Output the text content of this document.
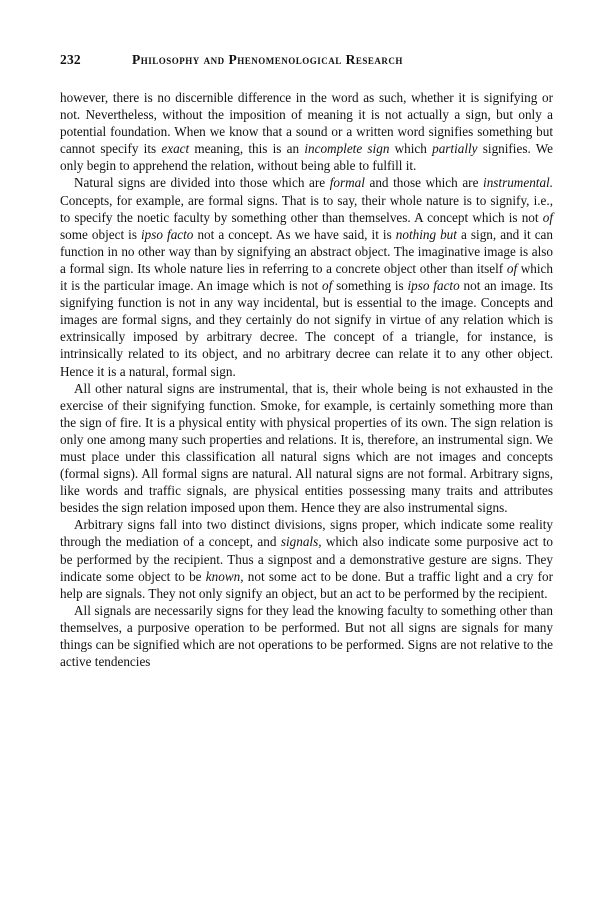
232	Philosophy and Phenomenological Research

however, there is no discernible difference in the word as such, whether it is signifying or not. Nevertheless, without the imposition of meaning it is not actually a sign, but only a potential foundation. When we know that a sound or a written word signifies something but cannot specify its exact meaning, this is an incomplete sign which partially signifies. We only begin to apprehend the relation, without being able to fulfill it.

Natural signs are divided into those which are formal and those which are instrumental. Concepts, for example, are formal signs. That is to say, their whole nature is to signify, i.e., to specify the noetic faculty by something other than themselves. A concept which is not of some object is ipso facto not a concept. As we have said, it is nothing but a sign, and it can function in no other way than by signifying an abstract object. The imaginative image is also a formal sign. Its whole nature lies in referring to a concrete object other than itself of which it is the particular image. An image which is not of something is ipso facto not an image. Its signifying function is not in any way incidental, but is essential to the image. Concepts and images are formal signs, and they certainly do not signify in virtue of any relation which is extrinsically imposed by arbitrary decree. The concept of a triangle, for instance, is intrinsically related to its object, and no arbitrary decree can relate it to any other object. Hence it is a natural, formal sign.

All other natural signs are instrumental, that is, their whole being is not exhausted in the exercise of their signifying function. Smoke, for example, is certainly something more than the sign of fire. It is a physical entity with physical properties of its own. The sign relation is only one among many such properties and relations. It is, therefore, an instrumental sign. We must place under this classification all natural signs which are not images and concepts (formal signs). All formal signs are natural. All natural signs are not formal. Arbitrary signs, like words and traffic signals, are physical entities possessing many traits and attributes besides the sign relation imposed upon them. Hence they are also instrumental signs.

Arbitrary signs fall into two distinct divisions, signs proper, which indicate some reality through the mediation of a concept, and signals, which also indicate some purposive act to be performed by the recipient. Thus a signpost and a demonstrative gesture are signs. They indicate some object to be known, not some act to be done. But a traffic light and a cry for help are signals. They not only signify an object, but an act to be performed by the recipient.

All signals are necessarily signs for they lead the knowing faculty to something other than themselves, a purposive operation to be performed. But not all signs are signals for many things can be signified which are not operations to be performed. Signs are not relative to the active tendencies
